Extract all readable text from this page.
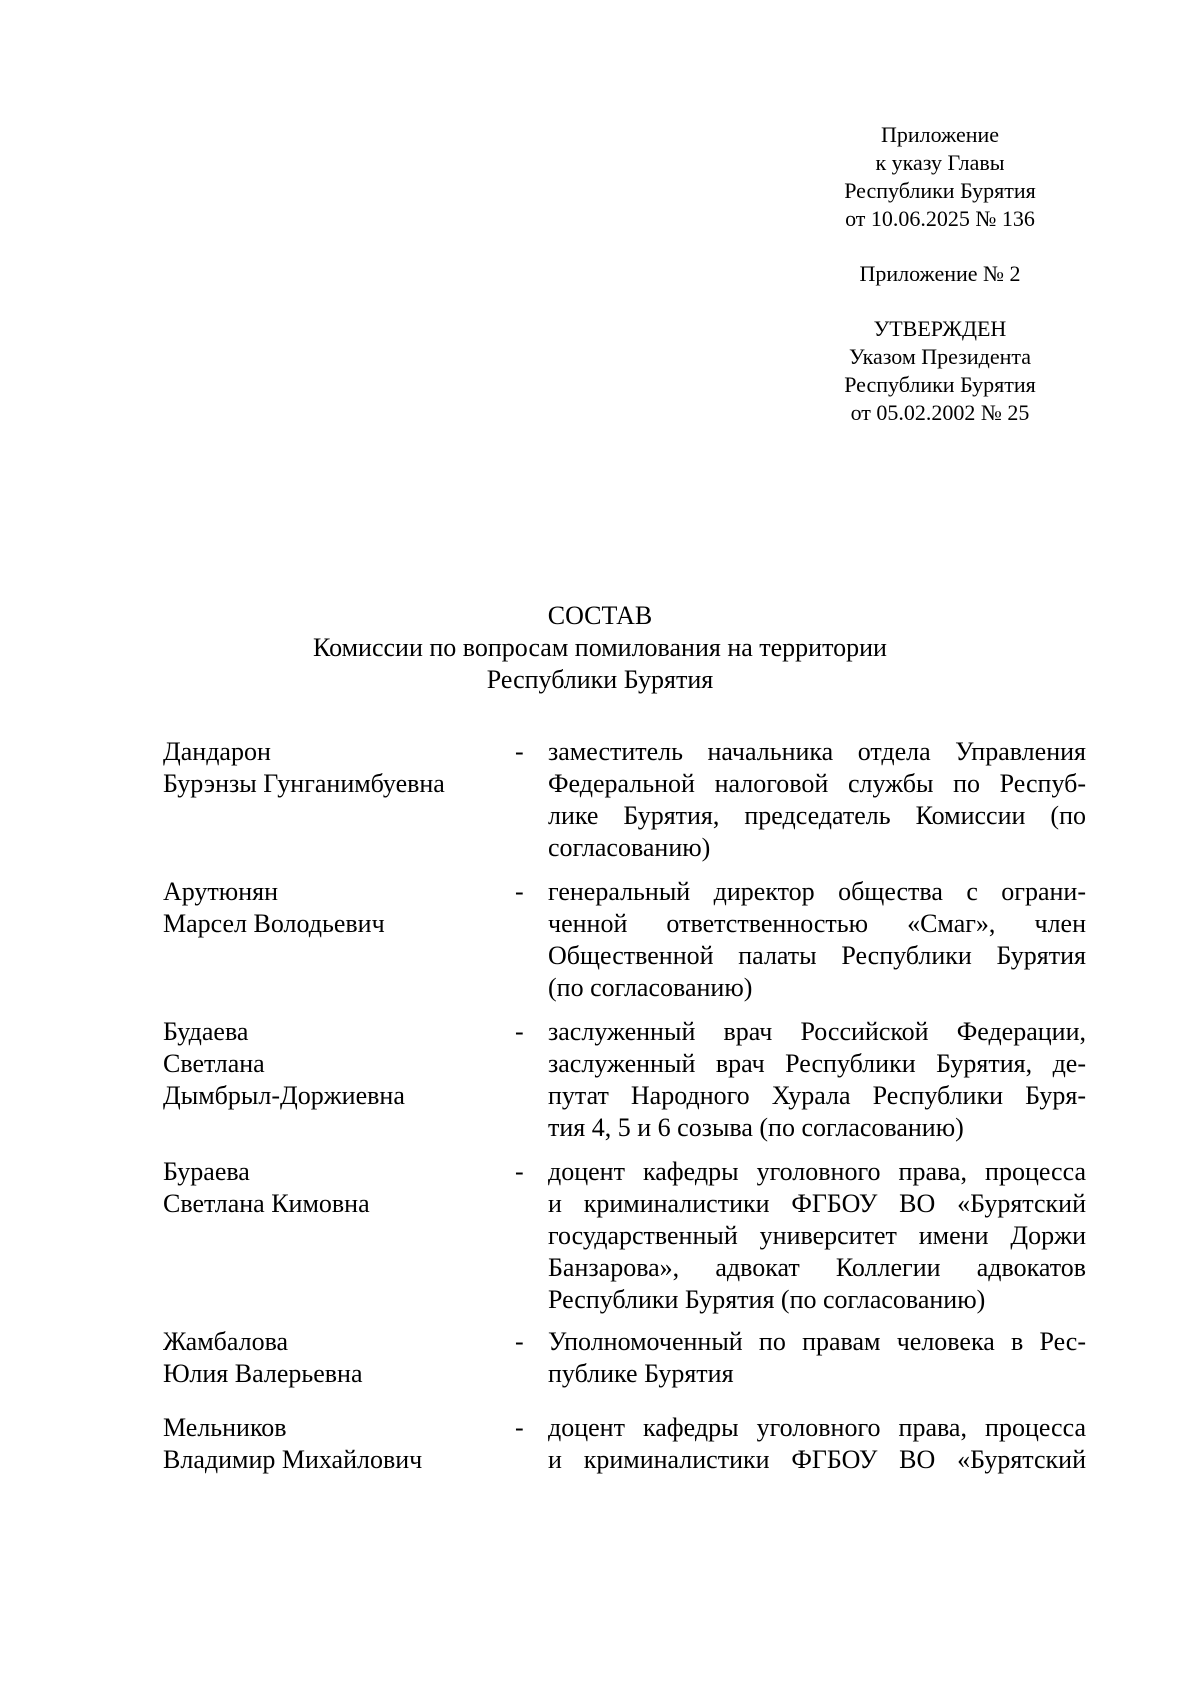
Приложение
к указу Главы
Республики Бурятия
от 10.06.2025 № 136
Приложение № 2
УТВЕРЖДЕН
Указом Президента
Республики Бурятия
от 05.02.2002 № 25
СОСТАВ
Комиссии по вопросам помилования на территории
Республики Бурятия
Дандарон
Бурэнзы Гунганимбуевна
- заместитель начальника отдела Управления
Федеральной налоговой службы по Респуб-
лике Бурятия, председатель Комиссии (по
согласованию)
Арутюнян
Марсел Володьевич
- генеральный директор общества с ограни-
ченной ответственностью «Смаг», член
Общественной палаты Республики Бурятия
(по согласованию)
Будаева
Светлана
Дымбрыл-Доржиевна
- заслуженный врач Российской Федерации,
заслуженный врач Республики Бурятия, де-
путат Народного Хурала Республики Буря-
тия 4, 5 и 6 созыва (по согласованию)
Бураева
Светлана Кимовна
- доцент кафедры уголовного права, процесса
и криминалистики ФГБОУ ВО «Бурятский
государственный университет имени Доржи
Банзарова», адвокат Коллегии адвокатов
Республики Бурятия (по согласованию)
Жамбалова
Юлия Валерьевна
- Уполномоченный по правам человека в Рес-
публике Бурятия
Мельников
Владимир Михайлович
- доцент кафедры уголовного права, процесса
и криминалистики ФГБОУ ВО «Бурятский
